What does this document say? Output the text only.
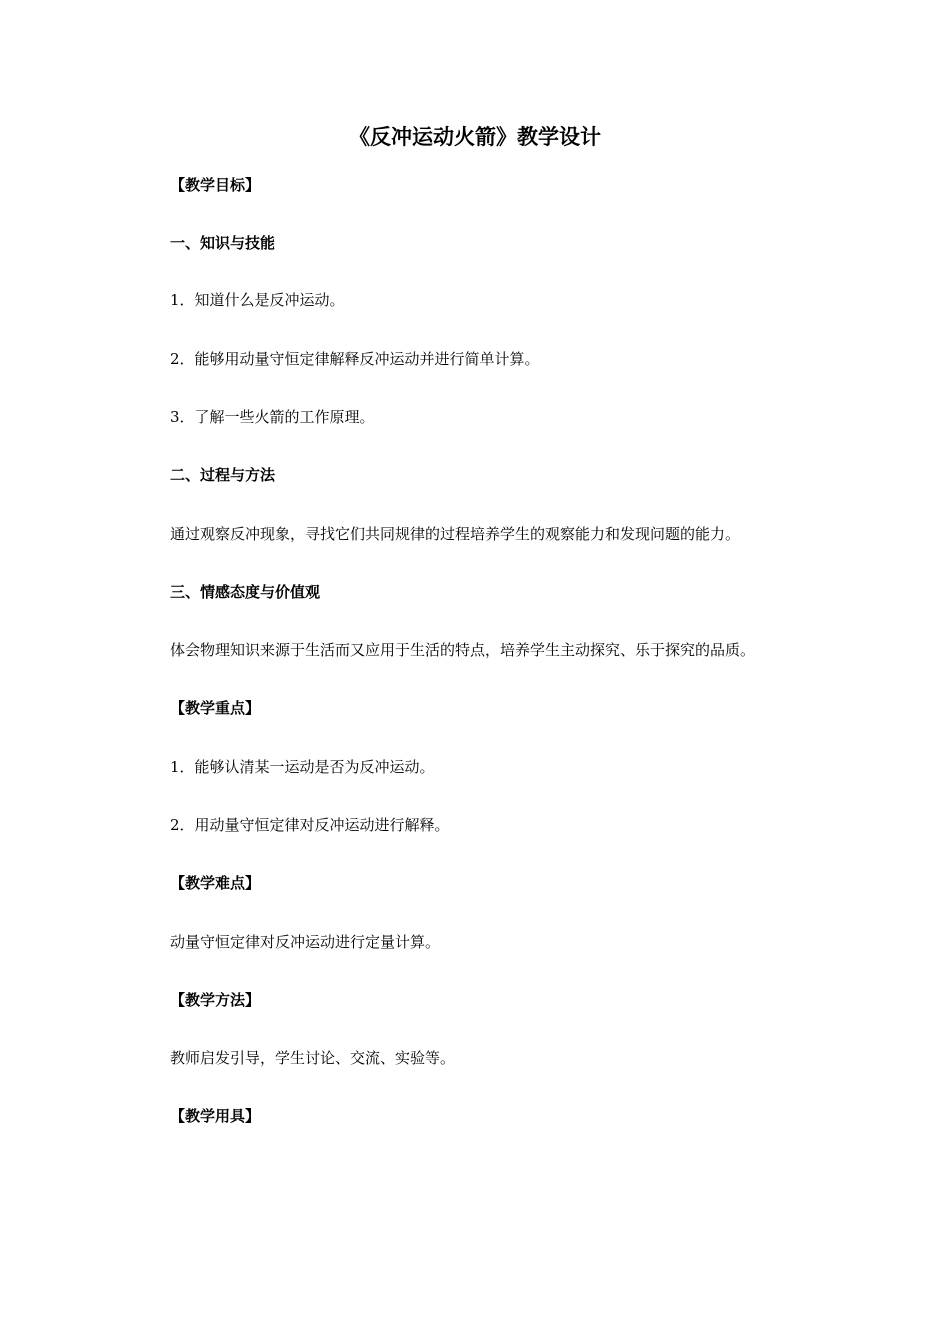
《反冲运动火箭》教学设计

【教学目标】

一、知识与技能

1．知道什么是反冲运动。

2．能够用动量守恒定律解释反冲运动并进行简单计算。

3．了解一些火箭的工作原理。

二、过程与方法

通过观察反冲现象，寻找它们共同规律的过程培养学生的观察能力和发现问题的能力。

三、情感态度与价值观

体会物理知识来源于生活而又应用于生活的特点，培养学生主动探究、乐于探究的品质。

【教学重点】

1．能够认清某一运动是否为反冲运动。

2．用动量守恒定律对反冲运动进行解释。

【教学难点】

动量守恒定律对反冲运动进行定量计算。

【教学方法】

教师启发引导，学生讨论、交流、实验等。

【教学用具】
